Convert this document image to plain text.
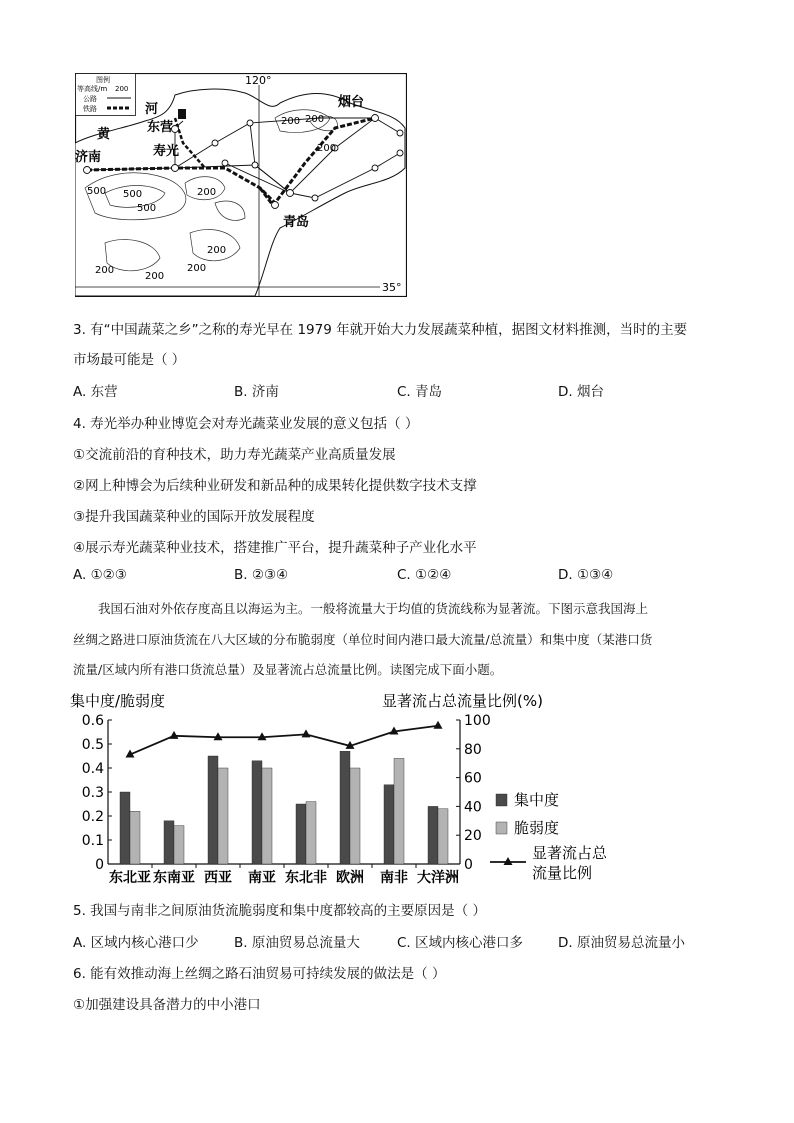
图例
等高线/m 200
公路
铁路
120°
35°
烟台
东营
济南	寿光
青岛
黄
河
200 200
200
500 500
500
200
200
200
200
200
3. 有“中国蔬菜之乡”之称的寿光早在 1979 年就开始大力发展蔬菜种植，据图文材料推测，当时的主要
市场最可能是（ ）
A. 东营	B. 济南	C. 青岛	D. 烟台
4. 寿光举办种业博览会对寿光蔬菜业发展的意义包括（ ）
①交流前沿的育种技术，助力寿光蔬菜产业高质量发展
②网上种博会为后续种业研发和新品种的成果转化提供数字技术支撑
③提升我国蔬菜种业的国际开放发展程度
④展示寿光蔬菜种业技术，搭建推广平台，提升蔬菜种子产业化水平
A. ①②③	B. ②③④	C. ①②④	D. ①③④
我国石油对外依存度高且以海运为主。一般将流量大于均值的货流线称为显著流。下图示意我国海上
丝绸之路进口原油货流在八大区域的分布脆弱度（单位时间内港口最大流量/总流量）和集中度（某港口货
流量/区域内所有港口货流总量）及显著流占总流量比例。读图完成下面小题。
集中度/脆弱度	显著流占总流量比例(%)
0
0.1
0.2
0.3
0.4
0.5
0.6
0
20
40
60
80
100
东北亚 东南亚 西亚 南亚 东北非 欧洲 南非 大洋洲
集中度
脆弱度
显著流占总
流量比例
5. 我国与南非之间原油货流脆弱度和集中度都较高的主要原因是（ ）
A. 区域内核心港口少	B. 原油贸易总流量大	C. 区域内核心港口多	D. 原油贸易总流量小
6. 能有效推动海上丝绸之路石油贸易可持续发展的做法是（ ）
①加强建设具备潜力的中小港口
